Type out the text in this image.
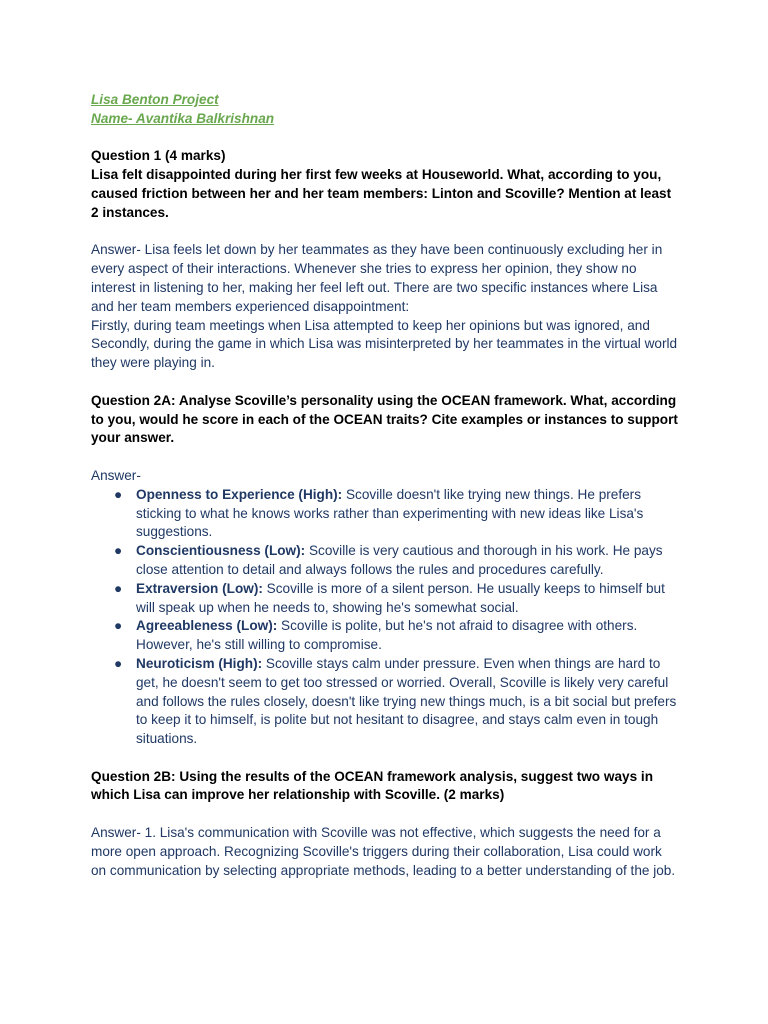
Lisa Benton Project
Name- Avantika Balkrishnan
Question 1 (4 marks)
Lisa felt disappointed during her first few weeks at Houseworld. What, according to you, caused friction between her and her team members: Linton and Scoville? Mention at least 2 instances.
Answer- Lisa feels let down by her teammates as they have been continuously excluding her in every aspect of their interactions. Whenever she tries to express her opinion, they show no interest in listening to her, making her feel left out. There are two specific instances where Lisa and her team members experienced disappointment:
Firstly, during team meetings when Lisa attempted to keep her opinions but was ignored, and Secondly, during the game in which Lisa was misinterpreted by her teammates in the virtual world they were playing in.
Question 2A: Analyse Scoville’s personality using the OCEAN framework. What, according to you, would he score in each of the OCEAN traits? Cite examples or instances to support your answer.
Answer-
● Openness to Experience (High): Scoville doesn't like trying new things. He prefers sticking to what he knows works rather than experimenting with new ideas like Lisa's suggestions.
● Conscientiousness (Low): Scoville is very cautious and thorough in his work. He pays close attention to detail and always follows the rules and procedures carefully.
● Extraversion (Low): Scoville is more of a silent person. He usually keeps to himself but will speak up when he needs to, showing he's somewhat social.
● Agreeableness (Low): Scoville is polite, but he's not afraid to disagree with others. However, he's still willing to compromise.
● Neuroticism (High): Scoville stays calm under pressure. Even when things are hard to get, he doesn't seem to get too stressed or worried. Overall, Scoville is likely very careful and follows the rules closely, doesn't like trying new things much, is a bit social but prefers to keep it to himself, is polite but not hesitant to disagree, and stays calm even in tough situations.
Question 2B: Using the results of the OCEAN framework analysis, suggest two ways in which Lisa can improve her relationship with Scoville. (2 marks)
Answer- 1. Lisa's communication with Scoville was not effective, which suggests the need for a more open approach. Recognizing Scoville's triggers during their collaboration, Lisa could work on communication by selecting appropriate methods, leading to a better understanding of the job.
